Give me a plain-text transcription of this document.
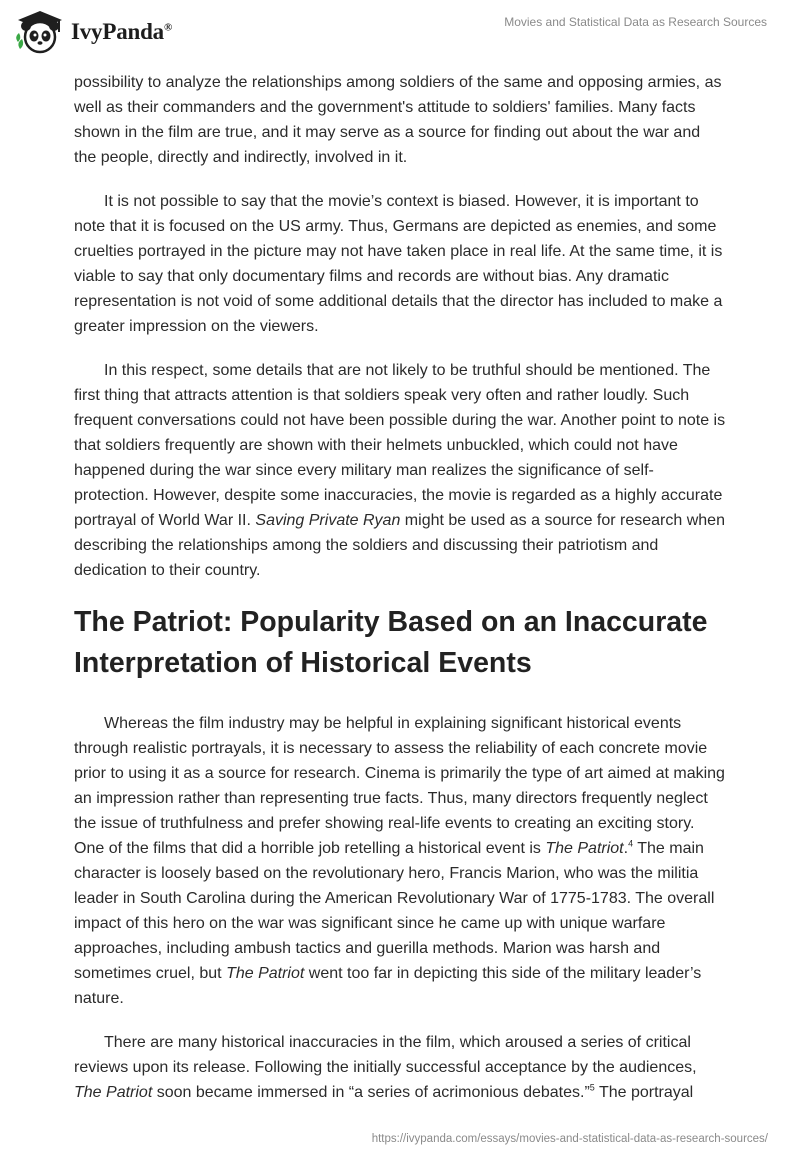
IvyPanda®	Movies and Statistical Data as Research Sources

possibility to analyze the relationships among soldiers of the same and opposing armies, as well as their commanders and the government's attitude to soldiers' families. Many facts shown in the film are true, and it may serve as a source for finding out about the war and the people, directly and indirectly, involved in it.

It is not possible to say that the movie’s context is biased. However, it is important to note that it is focused on the US army. Thus, Germans are depicted as enemies, and some cruelties portrayed in the picture may not have taken place in real life. At the same time, it is viable to say that only documentary films and records are without bias. Any dramatic representation is not void of some additional details that the director has included to make a greater impression on the viewers.

In this respect, some details that are not likely to be truthful should be mentioned. The first thing that attracts attention is that soldiers speak very often and rather loudly. Such frequent conversations could not have been possible during the war. Another point to note is that soldiers frequently are shown with their helmets unbuckled, which could not have happened during the war since every military man realizes the significance of self-protection. However, despite some inaccuracies, the movie is regarded as a highly accurate portrayal of World War II. Saving Private Ryan might be used as a source for research when describing the relationships among the soldiers and discussing their patriotism and dedication to their country.

The Patriot: Popularity Based on an Inaccurate Interpretation of Historical Events

Whereas the film industry may be helpful in explaining significant historical events through realistic portrayals, it is necessary to assess the reliability of each concrete movie prior to using it as a source for research. Cinema is primarily the type of art aimed at making an impression rather than representing true facts. Thus, many directors frequently neglect the issue of truthfulness and prefer showing real-life events to creating an exciting story. One of the films that did a horrible job retelling a historical event is The Patriot.$^4$ The main character is loosely based on the revolutionary hero, Francis Marion, who was the militia leader in South Carolina during the American Revolutionary War of 1775-1783. The overall impact of this hero on the war was significant since he came up with unique warfare approaches, including ambush tactics and guerilla methods. Marion was harsh and sometimes cruel, but The Patriot went too far in depicting this side of the military leader’s nature.

There are many historical inaccuracies in the film, which aroused a series of critical reviews upon its release. Following the initially successful acceptance by the audiences, The Patriot soon became immersed in “a series of acrimonious debates.”$^5$ The portrayal

https://ivypanda.com/essays/movies-and-statistical-data-as-research-sources/
